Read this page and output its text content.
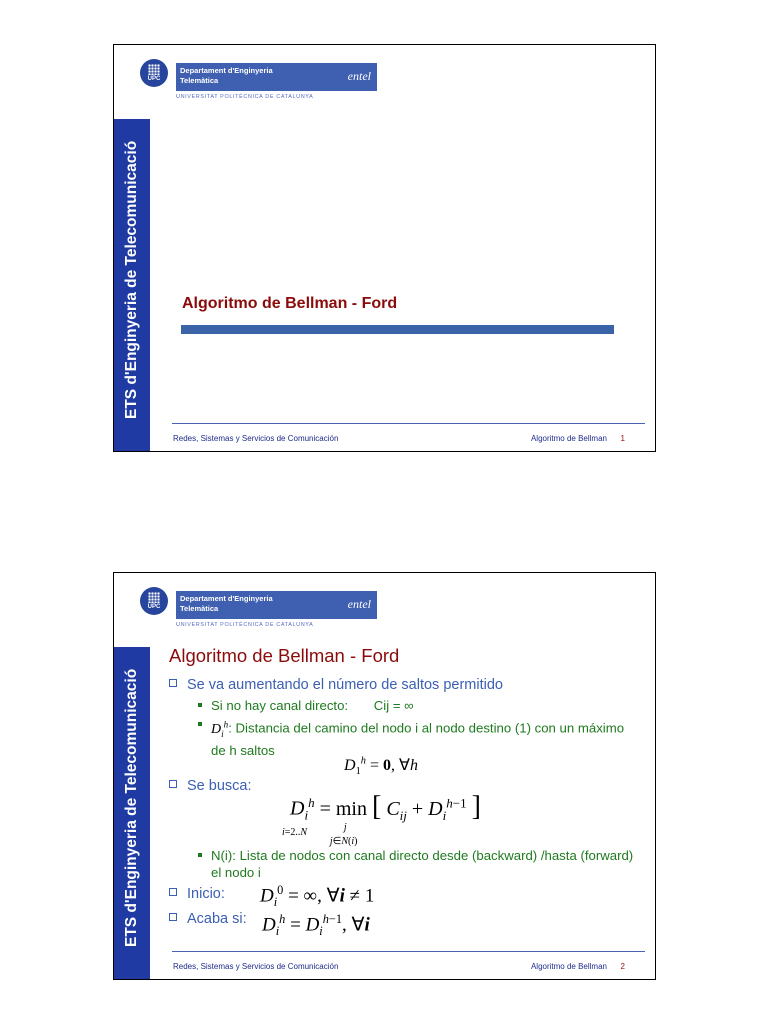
UPC
Departament d'Enginyeria
Telemàtica	entel
UNIVERSITAT POLITÈCNICA DE CATALUNYA
ETS d'Enginyeria de Telecomunicació	Algoritmo de Bellman - Ford
Redes, Sistemas y Servicios de Comunicación	Algoritmo de Bellman 1
UPC
Departament d'Enginyeria
Telemàtica	entel
UNIVERSITAT POLITÈCNICA DE CATALUNYA
ETS d'Enginyeria de Telecomunicació
Algoritmo de Bellman - Ford
Se va aumentando el número de saltos permitido
Si no hay canal directo: Cij = ∞
$D_i^h$: Distancia del camino del nodo i al nodo destino (1) con un máximo de h saltos
$D_1^h = 0$, ∀h
Se busca:
$D_i^h$
i=2..N
= min
j
j∈N(i)
[ $C_{ij} + D_i^{h-1}$ ]
N(i): Lista de nodos con canal directo desde (backward) /hasta (forward) el nodo i
Inicio: $D_i^0$ = ∞, ∀i ≠ 1
Acaba si: $D_i^h = D_i^{h-1}$, ∀i
Redes, Sistemas y Servicios de Comunicación	Algoritmo de Bellman 2
